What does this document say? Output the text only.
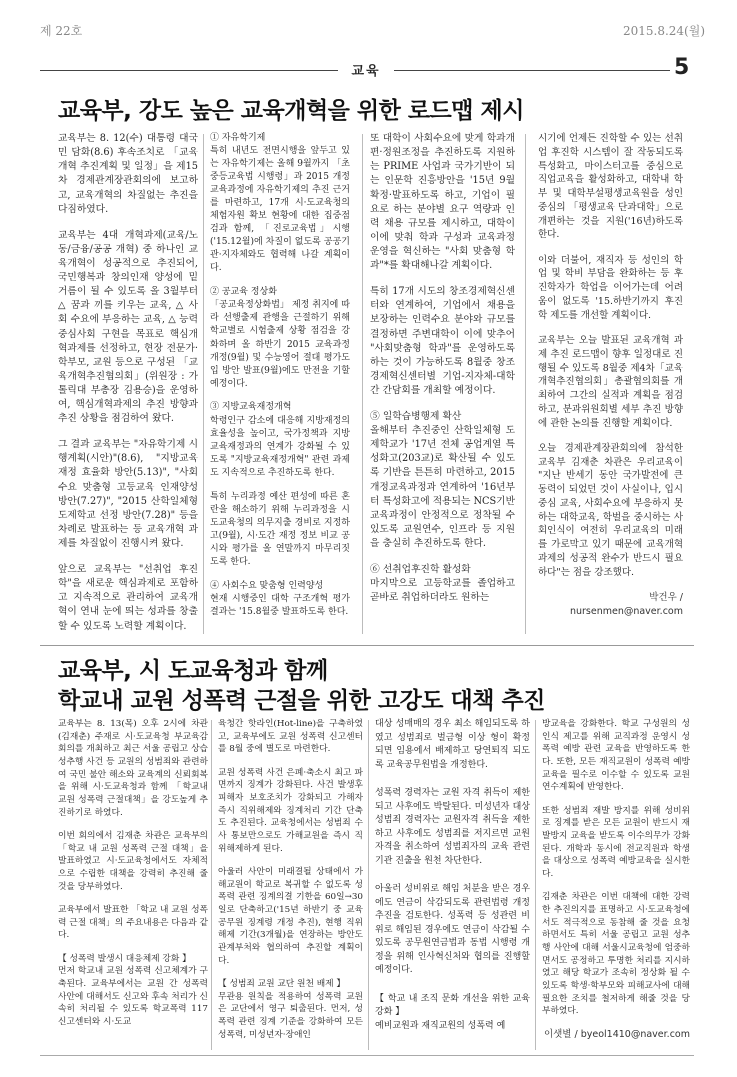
제 22호	2015.8.24(월)
교육	5
교육부, 강도 높은 교육개혁을 위한 로드맵 제시

교육부는 8. 12(수) 대통령 대국민 담화(8.6) 후속조치로 「교육개혁 추진계획 및 일정」을 제15차 경제관계장관회의에 보고하고, 교육개혁의 차질없는 추진을 다짐하였다.

교육부는 4대 개혁과제(교육/노동/금융/공공 개혁) 중 하나인 교육개혁이 성공적으로 추진되어, 국민행복과 창의인재 양성에 밑거름이 될 수 있도록 올 3월부터 △ 꿈과 끼를 키우는 교육, △ 사회 수요에 부응하는 교육, △ 능력중심사회 구현을 목표로 핵심개혁과제를 선정하고, 현장 전문가·학부모, 교원 등으로 구성된 「교육개혁추진협의회」(위원장 : 가톨릭대 부총장 김용승)을 운영하여, 핵심개혁과제의 추진 방향과 추진 상황을 점검하여 왔다.

그 결과 교육부는 "자유학기제 시행계획(시안)"(8.6), "지방교육 재정 효율화 방안(5.13)", "사회수요 맞춤형 고등교육 인재양성 방안(7.27)", "2015 산학일체형 도제학교 선정 방안(7.28)" 등을 차례로 발표하는 등 교육개혁 과제를 차질없이 진행시켜 왔다.

앞으로 교육부는 "선취업 후진학"을 새로운 핵심과제로 포함하고 지속적으로 관리하여 교육개혁이 연내 눈에 띄는 성과를 창출할 수 있도록 노력할 계획이다.

① 자유학기제

특히 내년도 전면시행을 앞두고 있는 자유학기제는 올해 9월까지 「초중등교육법 시행령」과 2015 개정교육과정에 자유학기제의 추진 근거를 마련하고, 17개 시·도교육청의 체험자원 확보 현황에 대한 집중점검과 함께, 「진로교육법」시행('15.12월)에 차질이 없도록 공공기관·지자체와도 협력해 나갈 계획이다.

② 공교육 정상화

「공교육정상화법」 제정 취지에 따라 선행출제 관행을 근절하기 위해 학교별로 시험출제 상황 점검을 강화하며 올 하반기 2015 교육과정 개정(9월) 및 수능영어 절대 평가도입 방안 발표(9월)에도 만전을 기할 예정이다.

③ 지방교육재정개혁

학령인구 감소에 대응해 지방재정의 효율성을 높이고, 국가정책과 지방교육재정과의 연계가 강화될 수 있도록 "지방교육재정개혁" 관련 과제도 지속적으로 추진하도록 한다.

특히 누리과정 예산 편성에 따른 혼란을 해소하기 위해 누리과정을 시도교육청의 의무지출 경비로 지정하고(9월), 시·도간 재정 정보 비교 공시와 평가를 올 연말까지 마무리짓도록 한다.

④ 사회수요 맞춤형 인력양성

현재 시행중인 대학 구조개혁 평가결과는 '15.8월중 발표하도록 한다.

또 대학이 사회수요에 맞게 학과개편·정원조정을 추진하도록 지원하는 PRIME 사업과 국가기반이 되는 인문학 진흥방안을 '15년 9월 확정·발표하도록 하고, 기업이 필요로 하는 분야별 요구 역량과 인력 채용 규모를 제시하고, 대학이 이에 맞춰 학과 구성과 교육과정 운영을 혁신하는 "사회 맞춤형 학과"*를 확대해나갈 계획이다.

특히 17개 시도의 창조경제혁신센터와 연계하여, 기업에서 채용을 보장하는 인력수요 분야와 규모를 결정하면 주변대학이 이에 맞추어 "사회맞춤형 학과"를 운영하도록 하는 것이 가능하도록 8월중 창조경제혁신센터별 기업-지자체-대학간 간담회를 개최할 예정이다.

⑤ 일학습병행제 확산

올해부터 추진중인 산학일체형 도제학교가 '17년 전체 공업계열 특성화고(203교)로 확산될 수 있도록 기반을 튼튼히 마련하고, 2015 개정교육과정과 연계하여 '16년부터 특성화고에 적용되는 NCS기반 교육과정이 안정적으로 정착될 수 있도록 교원연수, 인프라 등 지원을 충실히 추진하도록 한다.

⑥ 선취업후진학 활성화

마지막으로 고등학교를 졸업하고 곧바로 취업하더라도 원하는

시기에 언제든 진학할 수 있는 선취업 후진학 시스템이 잘 작동되도록 특성화고, 마이스터고를 중심으로 직업교육을 활성화하고, 대학내 학부 및 대학부설평생교육원을 성인중심의 「평생교육 단과대학」으로 개편하는 것을 지원('16년)하도록 한다.

이와 더불어, 재직자 등 성인의 학업 및 학비 부담을 완화하는 등 후진학자가 학업을 이어가는데 어려움이 없도록 '15.하반기까지 후진학 제도를 개선할 계획이다.

교육부는 오늘 발표된 교육개혁 과제 추진 로드맵이 향후 일정대로 진행될 수 있도록 8월중 제4차「교육개혁추진협의회」총괄협의회를 개최하여 그간의 실적과 계획을 점검하고, 분과위원회별 세부 추진 방향에 관한 논의를 진행할 계획이다.

오늘 경제관계장관회의에 참석한 교육부 김재춘 차관은 우리교육이 "지난 반세기 동안 국가발전에 큰 동력이 되었던 것이 사실이나, 입시중심 교육, 사회수요에 부응하지 못하는 대학교육, 학벌을 중시하는 사회인식이 여전히 우리교육의 미래를 가로막고 있기 때문에 교육개혁 과제의 성공적 완수가 반드시 필요하다"는 점을 강조했다.

박건우 / nursenmen@naver.com

교육부, 시 도교육청과 함께
학교내 교원 성폭력 근절을 위한 고강도 대책 추진

교육부는 8. 13(목) 오후 2시에 차관(김재춘) 주재로 시·도교육청 부교육감 회의를 개최하고 최근 서울 공립고 상습 성추행 사건 등 교원의 성범죄와 관련하여 국민 불안 해소와 교육계의 신뢰회복을 위해 시·도교육청과 함께 「학교내 교원 성폭력 근절대책」을 강도높게 추진하기로 하였다.

이번 회의에서 김재춘 차관은 교육부의 「학교 내 교원 성폭력 근절 대책」을 발표하였고 시·도교육청에서도 자체적으로 수립한 대책을 강력히 추진해 줄 것을 당부하였다.

교육부에서 발표한 「학교 내 교원 성폭력 근절 대책」의 주요내용은 다음과 같다.

【 성폭력 발생시 대응체제 강화 】

먼저 학교내 교원 성폭력 신고체계가 구축된다. 교육부에서는 교원 간 성폭력 사안에 대해서도 신고와 후속 처리가 신속히 처리될 수 있도록 학교폭력 117 신고센터와 시·도교

육청간 핫라인(Hot-line)을 구축하였고, 교육부에도 교원 성폭력 신고센터를 8월 중에 별도로 마련한다.

교원 성폭력 사건 은폐·축소시 최고 파면까지 징계가 강화된다. 사건 발생후 피해자 보호조치가 강화되고 가해자 즉시 직위해제와 징계처리 기간 단축도 추진된다. 교육청에서는 성범죄 수사 통보만으로도 가해교원을 즉시 직위해제하게 된다.

아울러 사안이 미래결될 상태에서 가해교원이 학교로 복귀할 수 없도록 성폭력 관련 징계의결 기한을 60일→30일로 단축하고('15년 하반기 중 교육공무원 징계령 개정 추진), 현행 직위해제 기간(3개월)을 연장하는 방안도 관계부처와 협의하여 추진할 계획이다.

【 성범죄 교원 교단 원천 배제 】

무관용 원칙을 적용하여 성폭력 교원은 교단에서 영구 퇴출된다. 먼저, 성폭력 관련 징계 기준을 강화하여 모든 성폭력, 미성년자·장애인

대상 성매매의 경우 최소 해임되도록 하였고 성범죄로 벌금형 이상 형이 확정 되면 임용에서 배제하고 당연퇴직 되도록 교육공무원법을 개정한다.

성폭력 경력자는 교원 자격 취득이 제한되고 사후에도 박탈된다. 미성년자 대상 성범죄 경력자는 교원자격 취득을 제한하고 사후에도 성범죄를 저지르면 교원 자격을 취소하여 성범죄자의 교육 관련 기관 진출을 원천 차단한다.

아울러 성비위로 해임 처분을 받은 경우에도 연금이 삭감되도록 관련법령 개정 추진을 검토한다. 성폭력 등 성관련 비위로 해임된 경우에도 연금이 삭감될 수 있도록 공무원연금법과 동법 시행령 개정을 위해 인사혁신처와 협의를 진행할 예정이다.

【 학교 내 조직 문화 개선을 위한 교육 강화 】

예비교원과 재직교원의 성폭력 예

방교육을 강화한다. 학교 구성원의 성 인식 제고를 위해 교직과정 운영시 성폭력 예방 관련 교육을 반영하도록 한다. 또한, 모든 재직교원이 성폭력 예방교육을 필수로 이수할 수 있도록 교원연수계획에 반영한다.

또한 성범죄 재발 방지를 위해 성비위로 징계를 받은 모든 교원이 반드시 재발방지 교육을 받도록 이수의무가 강화된다. 개학과 동시에 전교직원과 학생을 대상으로 성폭력 예방교육을 실시한다.

김재춘 차관은 이번 대책에 대한 강력한 추진의지를 표명하고 시·도교육청에서도 적극적으로 동참해 줄 것을 요청하면서도 특히 서울 공립고 교원 성추행 사안에 대해 서울시교육청에 엄중하면서도 공정하고 투명한 처리를 지시하였고 해당 학교가 조속히 정상화 될 수 있도록 학생·학부모와 피해교사에 대해 필요한 조치를 철저하게 해줄 것을 당부하였다.

이샛별 / byeol1410@naver.com
